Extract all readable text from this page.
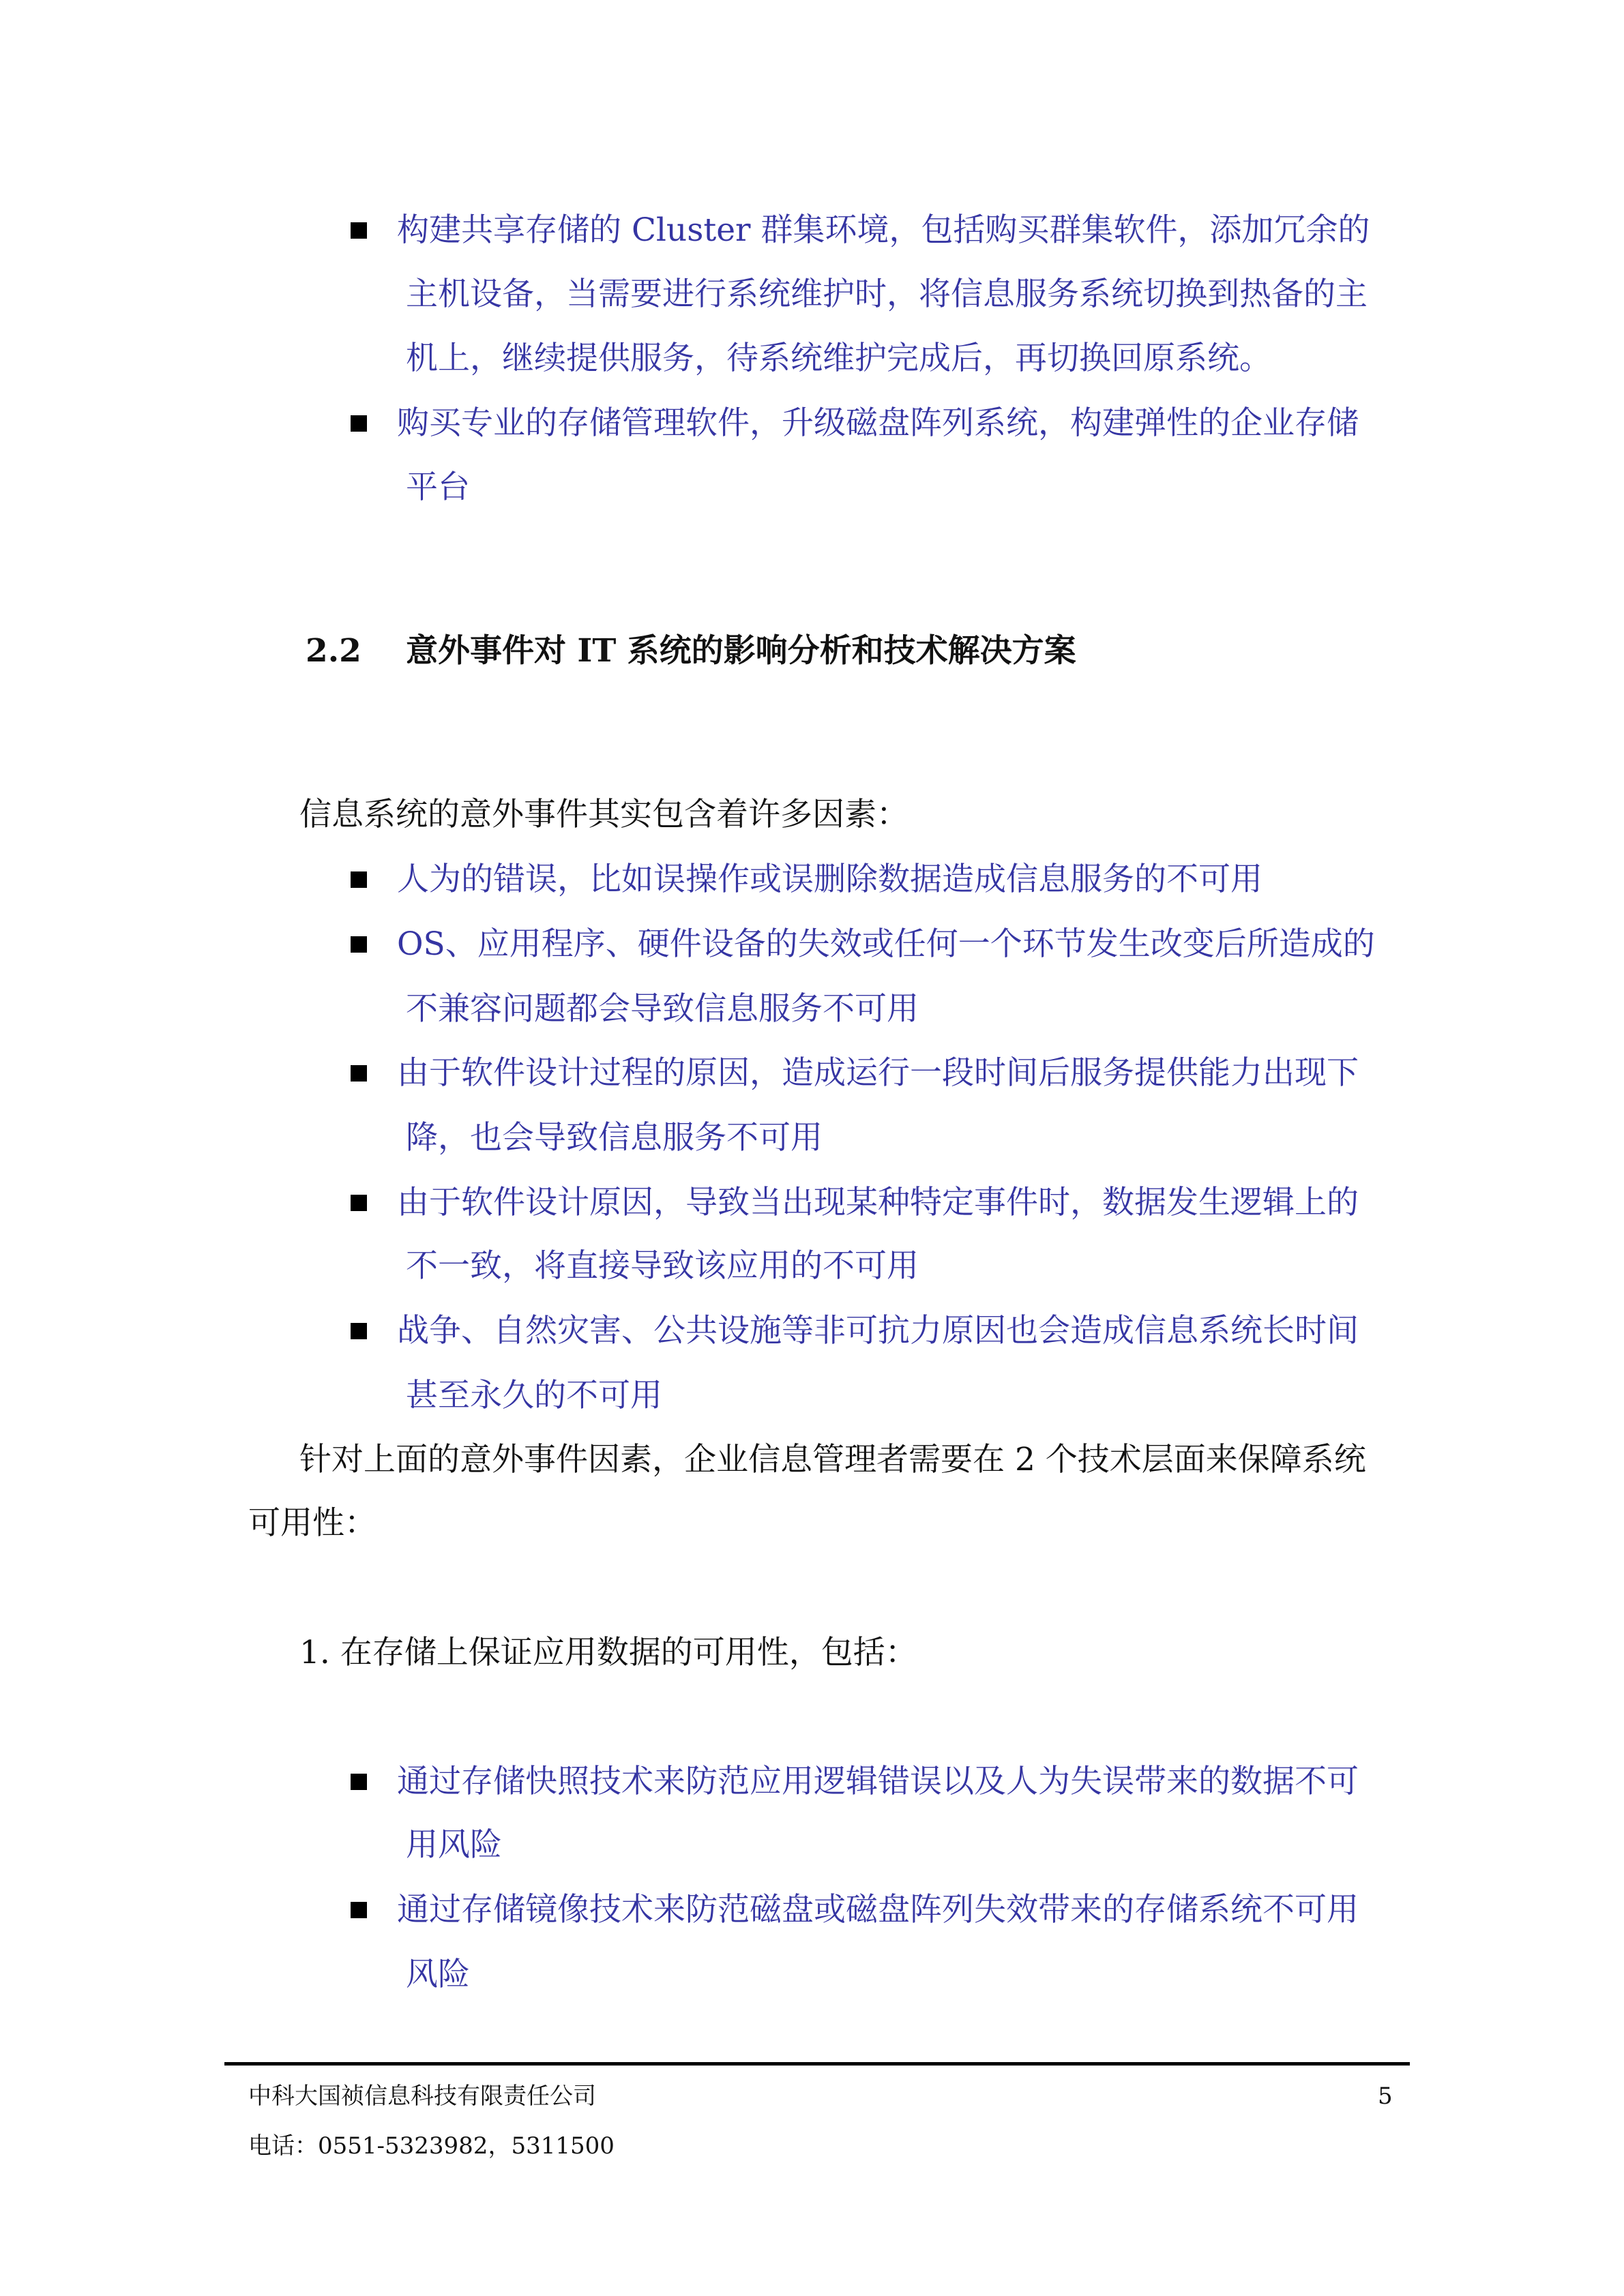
构建共享存储的 Cluster 群集环境，包括购买群集软件，添加冗余的
主机设备，当需要进行系统维护时，将信息服务系统切换到热备的主
机上，继续提供服务，待系统维护完成后，再切换回原系统。
购买专业的存储管理软件，升级磁盘阵列系统，构建弹性的企业存储
平台
2.2 意外事件对 IT 系统的影响分析和技术解决方案
信息系统的意外事件其实包含着许多因素：
人为的错误，比如误操作或误删除数据造成信息服务的不可用
OS、应用程序、硬件设备的失效或任何一个环节发生改变后所造成的
不兼容问题都会导致信息服务不可用
由于软件设计过程的原因，造成运行一段时间后服务提供能力出现下
降，也会导致信息服务不可用
由于软件设计原因，导致当出现某种特定事件时，数据发生逻辑上的
不一致，将直接导致该应用的不可用
战争、自然灾害、公共设施等非可抗力原因也会造成信息系统长时间
甚至永久的不可用
针对上面的意外事件因素，企业信息管理者需要在 2 个技术层面来保障系统
可用性：
1. 在存储上保证应用数据的可用性，包括：
通过存储快照技术来防范应用逻辑错误以及人为失误带来的数据不可
用风险
通过存储镜像技术来防范磁盘或磁盘阵列失效带来的存储系统不可用
风险
中科大国祯信息科技有限责任公司	5
电话：0551-5323982，5311500
